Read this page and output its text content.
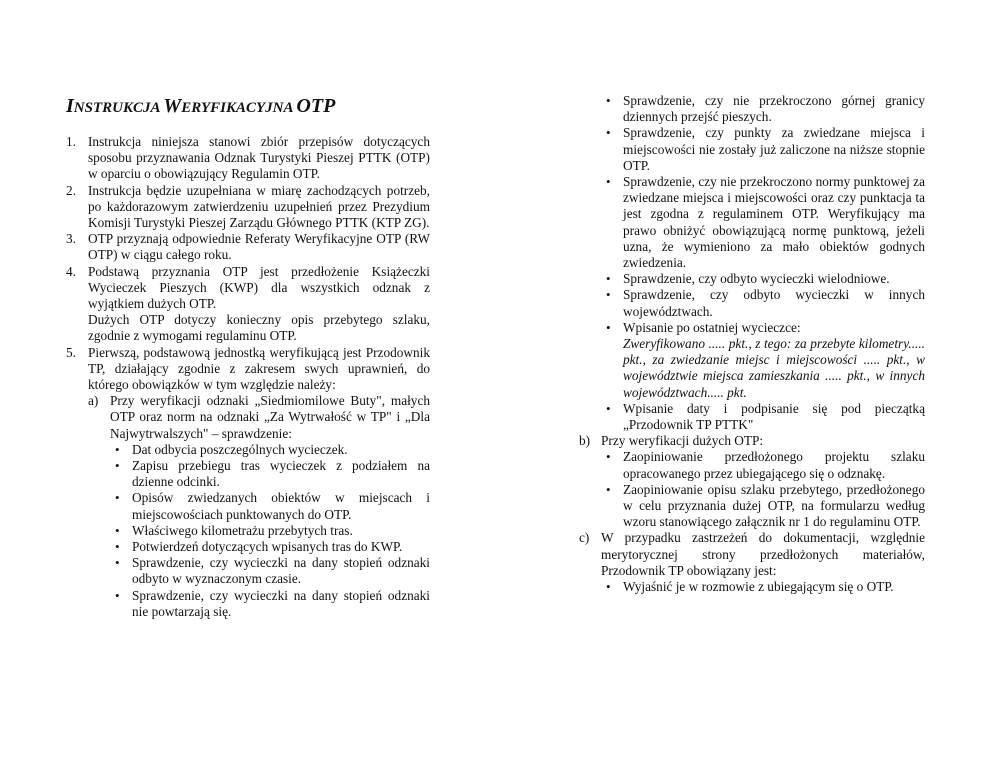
INSTRUKCJA WERYFIKACYJNA OTP
1. Instrukcja niniejsza stanowi zbiór przepisów dotyczących sposobu przyznawania Odznak Turystyki Pieszej PTTK (OTP) w oparciu o obowiązujący Regulamin OTP.

2. Instrukcja będzie uzupełniana w miarę zachodzących potrzeb, po każdorazowym zatwierdzeniu uzupełnień przez Prezydium Komisji Turystyki Pieszej Zarządu Głównego PTTK (KTP ZG).

3. OTP przyznają odpowiednie Referaty Weryfikacyjne OTP (RW OTP) w ciągu całego roku.

4. Podstawą przyznania OTP jest przedłożenie Książeczki Wycieczek Pieszych (KWP) dla wszystkich odznak z wyjątkiem dużych OTP.

Dużych OTP dotyczy konieczny opis przebytego szlaku, zgodnie z wymogami regulaminu OTP.

5. Pierwszą, podstawową jednostką weryfikującą jest Przodownik TP, działający zgodnie z zakresem swych uprawnień, do którego obowiązków w tym względzie należy:

a) Przy weryfikacji odznaki „Siedmiomilowe Buty", małych OTP oraz norm na odznaki „Za Wytrwałość w TP" i „Dla Najwytrwalszych" – sprawdzenie:

• Dat odbycia poszczególnych wycieczek.

• Zapisu przebiegu tras wycieczek z podziałem na dzienne odcinki.

• Opisów zwiedzanych obiektów w miejscach i miejscowościach punktowanych do OTP.

• Właściwego kilometrażu przebytych tras.

• Potwierdzeń dotyczących wpisanych tras do KWP.

• Sprawdzenie, czy wycieczki na dany stopień odznaki odbyto w wyznaczonym czasie.

• Sprawdzenie, czy wycieczki na dany stopień odznaki nie powtarzają się.

• Sprawdzenie, czy nie przekroczono górnej granicy dziennych przejść pieszych.

• Sprawdzenie, czy punkty za zwiedzane miejsca i miejscowości nie zostały już zaliczone na niższe stopnie OTP.

• Sprawdzenie, czy nie przekroczono normy punktowej za zwiedzane miejsca i miejscowości oraz czy punktacja ta jest zgodna z regulaminem OTP. Weryfikujący ma prawo obniżyć obowiązującą normę punktową, jeżeli uzna, że wymieniono za mało obiektów godnych zwiedzenia.

• Sprawdzenie, czy odbyto wycieczki wielodniowe.

• Sprawdzenie, czy odbyto wycieczki w innych województwach.

• Wpisanie po ostatniej wycieczce:

Zweryfikowano ..... pkt., z tego: za przebyte kilometry..... pkt., za zwiedzanie miejsc i miejscowości ..... pkt., w województwie miejsca zamieszkania ..... pkt., w innych województwach..... pkt.

• Wpisanie daty i podpisanie się pod pieczątką „Przodownik TP PTTK"

b) Przy weryfikacji dużych OTP:

• Zaopiniowanie przedłożonego projektu szlaku opracowanego przez ubiegającego się o odznakę.

• Zaopiniowanie opisu szlaku przebytego, przedłożonego w celu przyznania dużej OTP, na formularzu według wzoru stanowiącego załącznik nr 1 do regulaminu OTP.

c) W przypadku zastrzeżeń do dokumentacji, względnie merytorycznej strony przedłożonych materiałów, Przodownik TP obowiązany jest:

• Wyjaśnić je w rozmowie z ubiegającym się o OTP.
